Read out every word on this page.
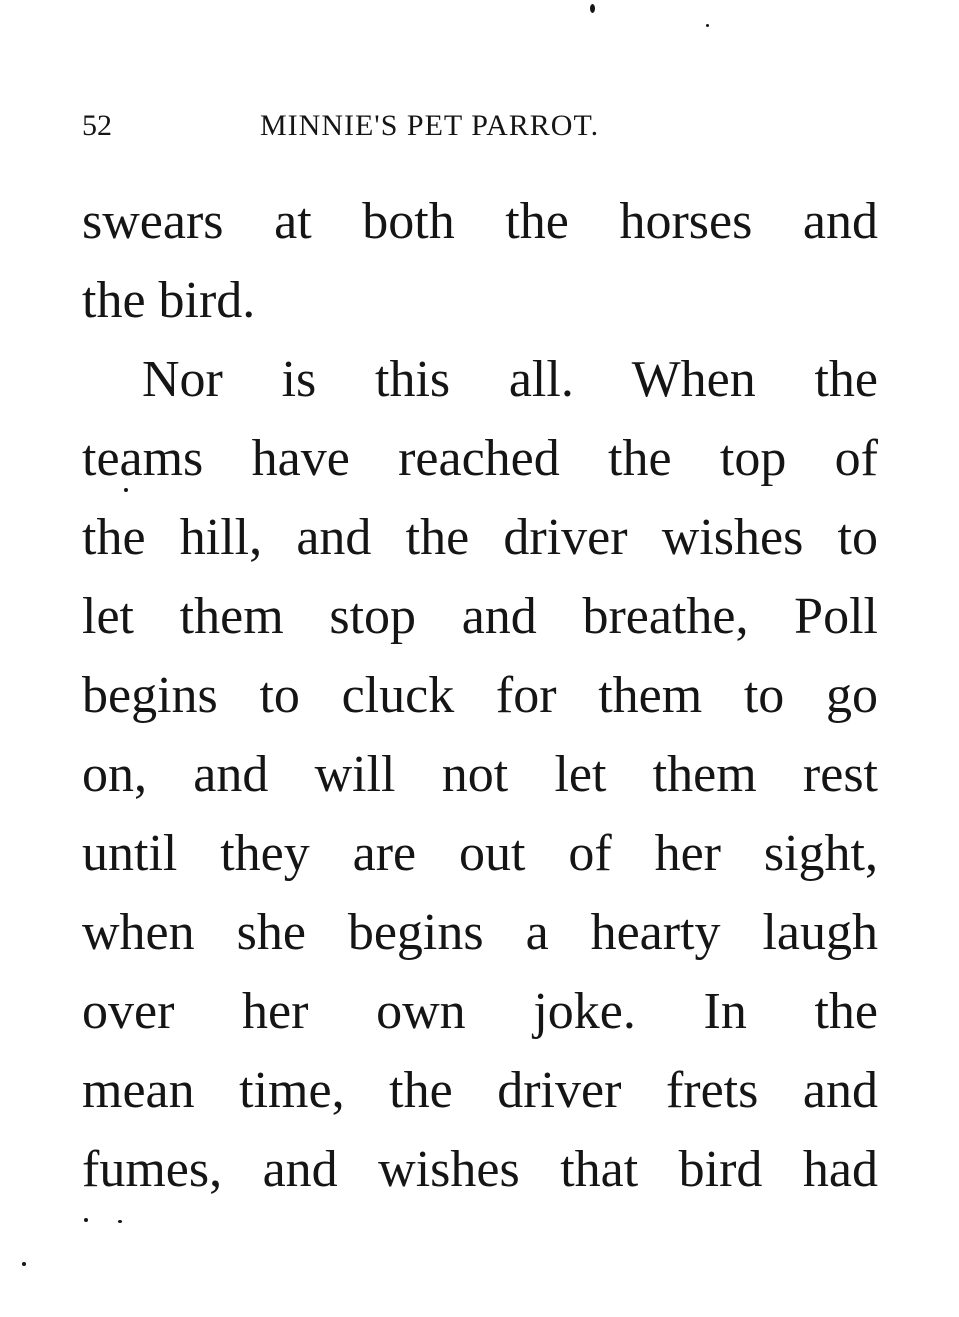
52	MINNIE'S PET PARROT.
swears at both the horses and
the bird.
Nor is this all. When the
teams have reached the top of
the hill, and the driver wishes to
let them stop and breathe, Poll
begins to cluck for them to go
on, and will not let them rest
until they are out of her sight,
when she begins a hearty laugh
over her own joke. In the
mean time, the driver frets and
fumes, and wishes that bird had
